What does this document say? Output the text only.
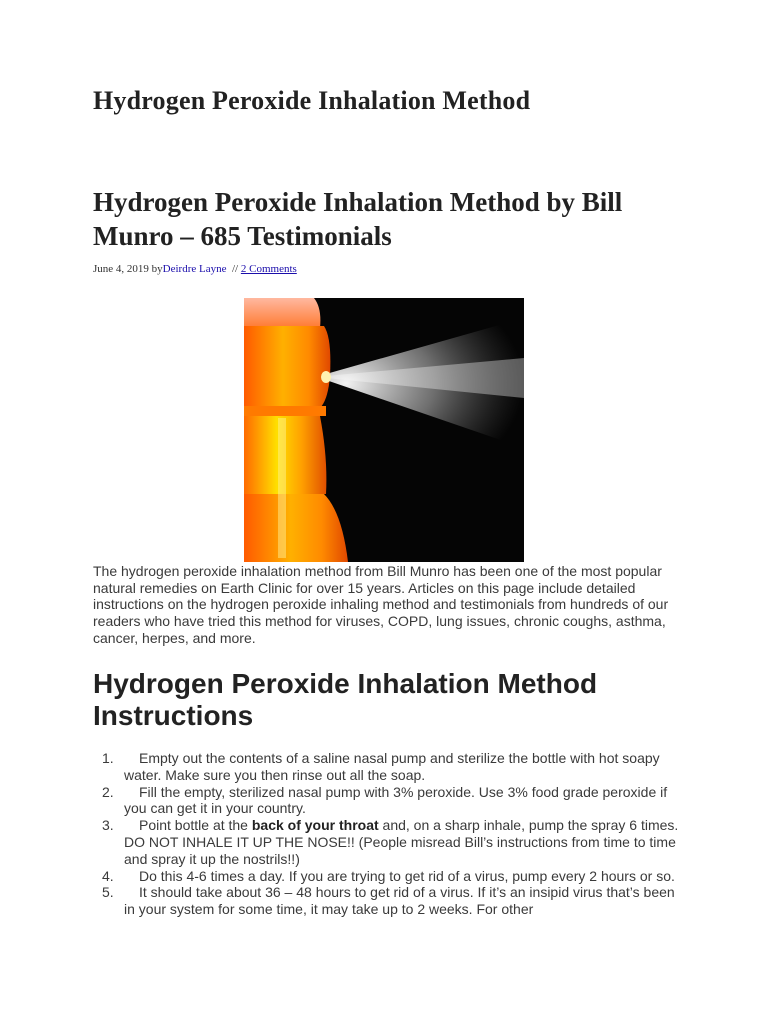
Hydrogen Peroxide Inhalation Method
Hydrogen Peroxide Inhalation Method by Bill Munro – 685 Testimonials
June 4, 2019 byDeirdre Layne // 2 Comments

The hydrogen peroxide inhalation method from Bill Munro has been one of the most popular natural remedies on Earth Clinic for over 15 years. Articles on this page include detailed instructions on the hydrogen peroxide inhaling method and testimonials from hundreds of our readers who have tried this method for viruses, COPD, lung issues, chronic coughs, asthma, cancer, herpes, and more.

Hydrogen Peroxide Inhalation Method Instructions
1. Empty out the contents of a saline nasal pump and sterilize the bottle with hot soapy water. Make sure you then rinse out all the soap.
2. Fill the empty, sterilized nasal pump with 3% peroxide. Use 3% food grade peroxide if you can get it in your country.
3. Point bottle at the back of your throat and, on a sharp inhale, pump the spray 6 times. DO NOT INHALE IT UP THE NOSE!! (People misread Bill’s instructions from time to time and spray it up the nostrils!!)
4. Do this 4-6 times a day. If you are trying to get rid of a virus, pump every 2 hours or so.
5. It should take about 36 – 48 hours to get rid of a virus. If it’s an insipid virus that’s been in your system for some time, it may take up to 2 weeks. For other
